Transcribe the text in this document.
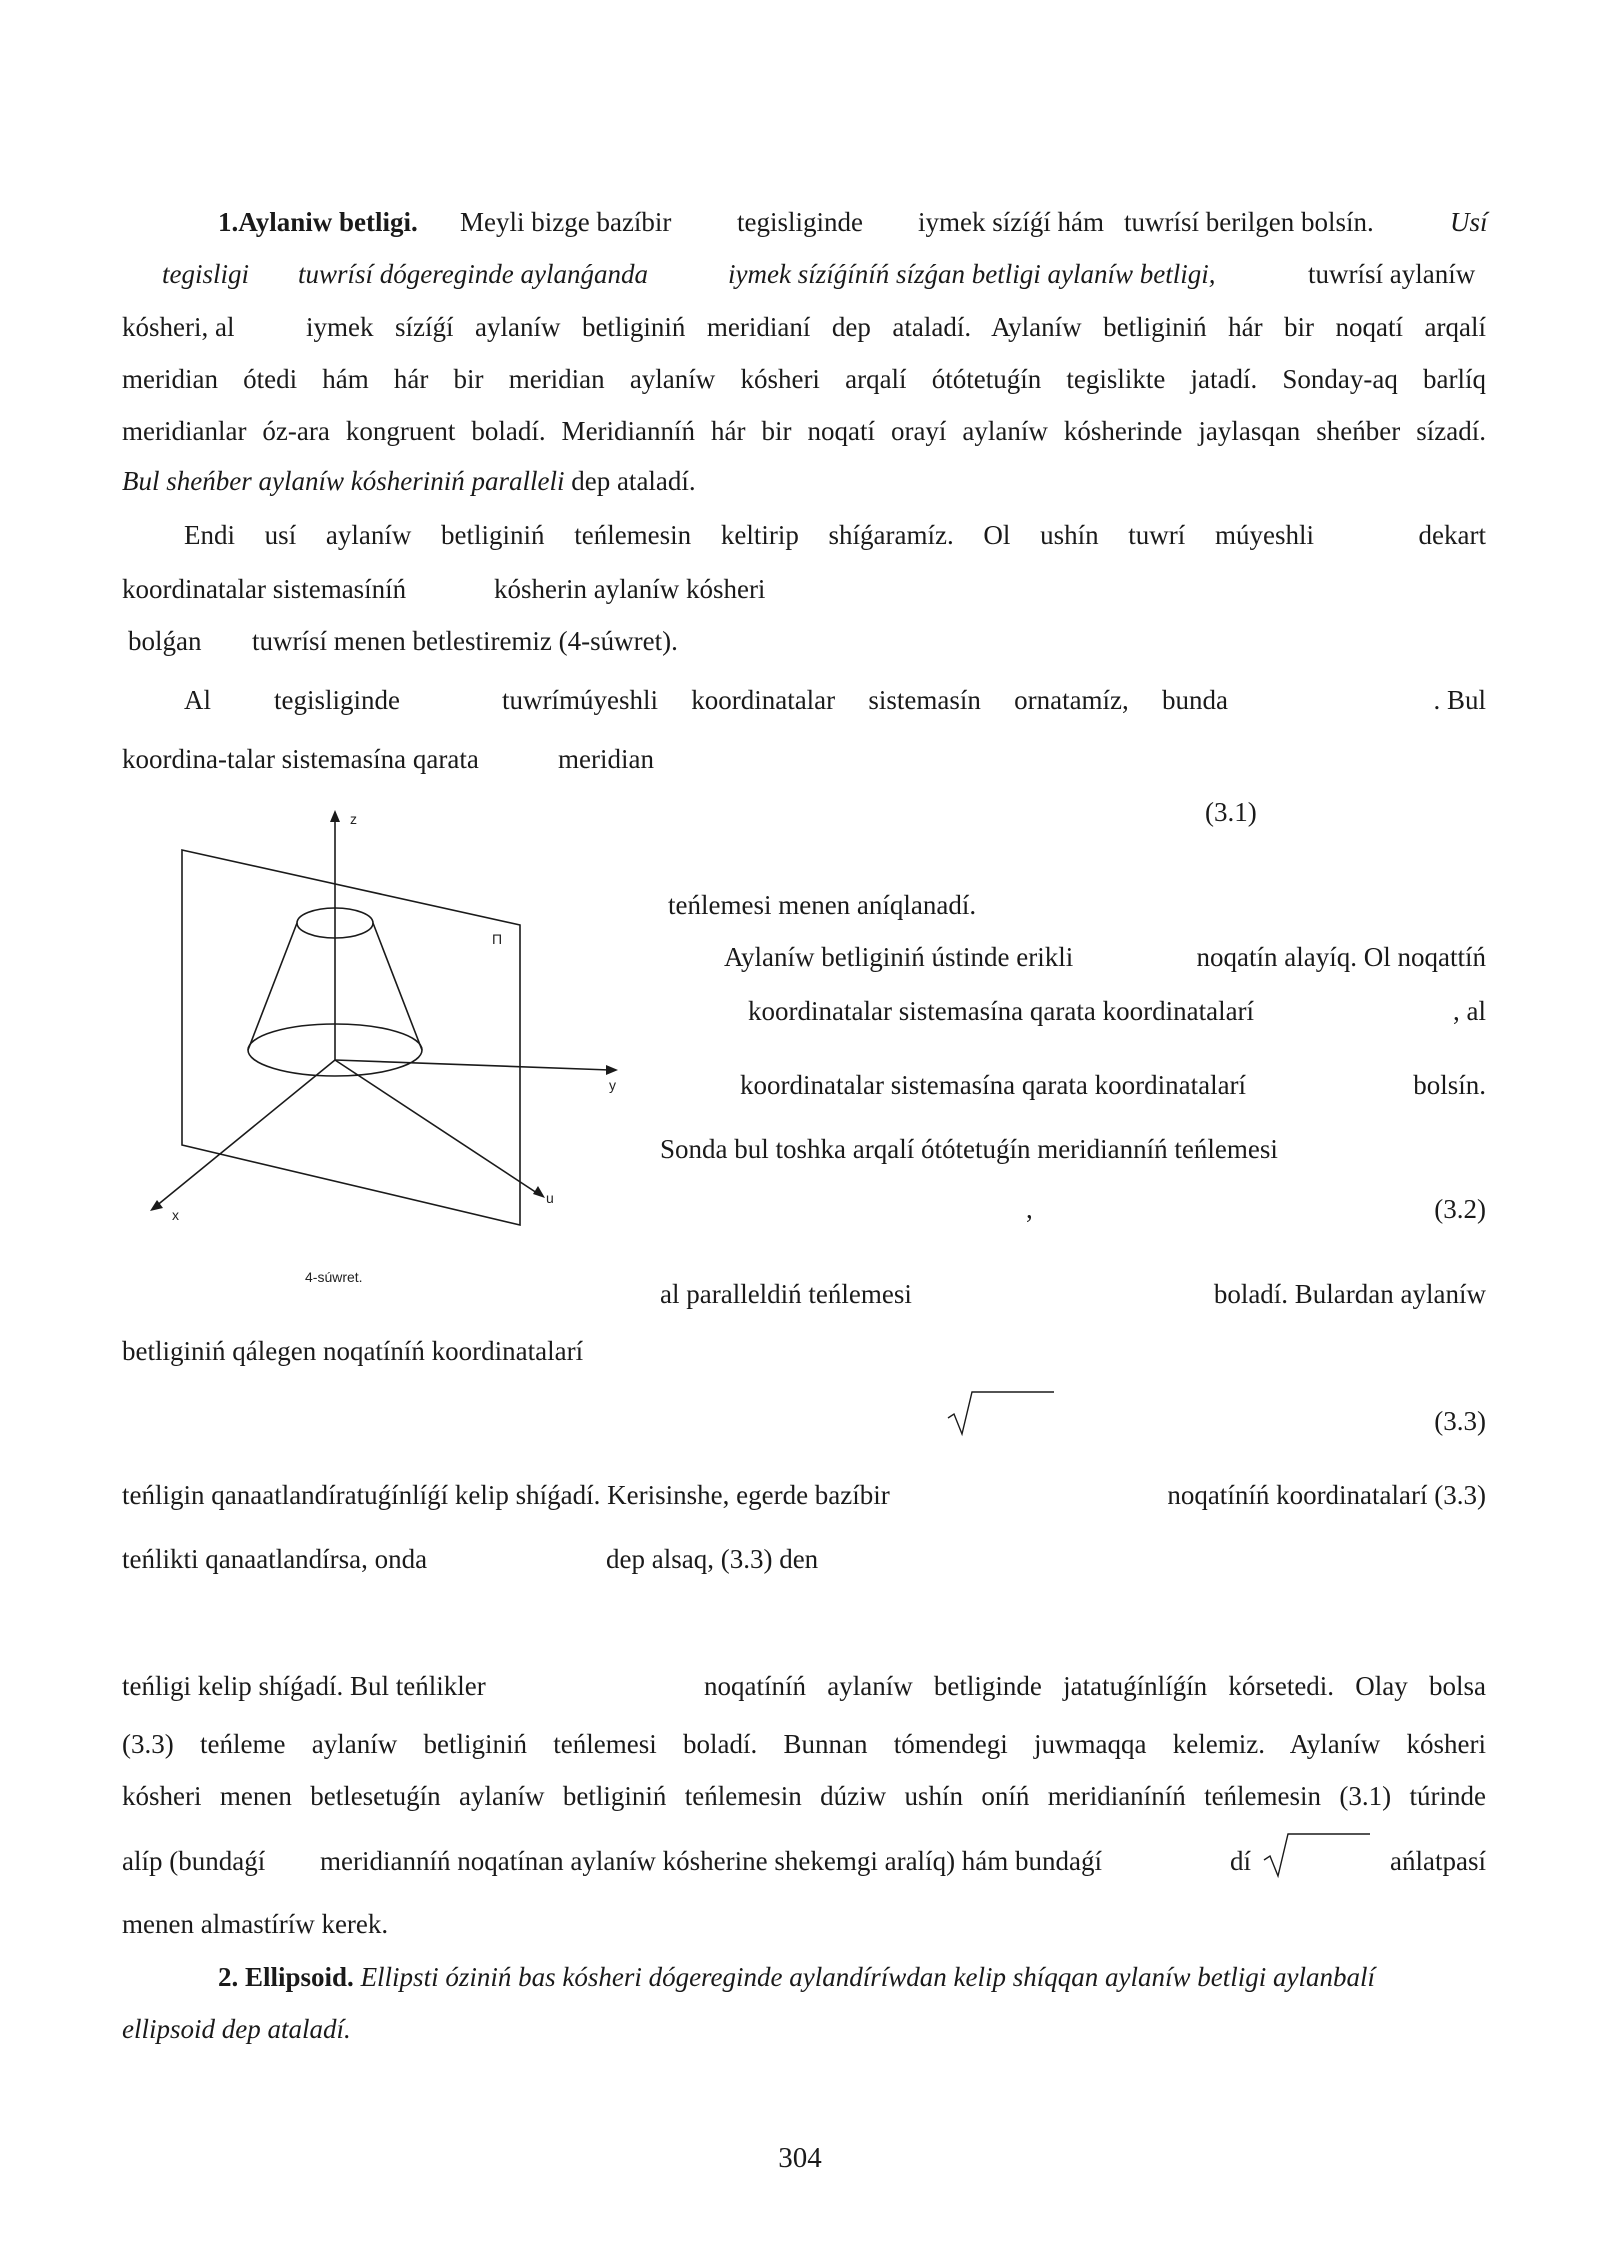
1.Aylaniw betligi. Meyli bizge bazíbir tegisliginde iymek sízíǵí hám tuwrísí berilgen bolsín.	Usí
tegisligi tuwrísí dógereginde aylanǵanda	iymek sízíǵíníń sízǵan betligi aylaníw betligi,	tuwrísí aylaníw
kósheri, al	iymek sízíǵí aylaníw betliginiń meridianí dep ataladí. Aylaníw betliginiń hár bir noqatí arqalí
meridian ótedi hám hár bir meridian aylaníw kósheri arqalí ótótetuǵín tegislikte jatadí. Sonday-aq barlíq
meridianlar óz-ara kongruent boladí. Meridianníń hár bir noqatí orayí aylaníw kósherinde jaylasqan sheńber sízadí.
Bul sheńber aylaníw kósheriniń paralleli dep ataladí.
Endi usí aylaníw betliginiń teńlemesin keltirip shíǵaramíz. Ol ushín tuwrí múyeshli	dekart
koordinatalar sistemasíníń	kósherin aylaníw kósheri
bolǵan tuwrísí menen betlestiremiz (4-súwret).
Al tegisliginde	tuwrímúyeshli koordinatalar sistemasín ornatamíz, bunda	. Bul
koordina-talar sistemasína qarata	meridian
(3.1)
z
Π
y
u
x
4-súwret.
teńlemesi menen aníqlanadí.
Aylaníw betliginiń ústinde erikli	noqatín alayíq. Ol noqattíń
koordinatalar sistemasína qarata koordinatalarí	, al
koordinatalar sistemasína qarata koordinatalarí	bolsín.
Sonda bul toshka arqalí ótótetuǵín meridianníń teńlemesi
,	(3.2)
al paralleldiń teńlemesi	boladí. Bulardan aylaníw
betliginiń qálegen noqatíníń koordinatalarí
(3.3)
teńligin qanaatlandíratuǵínlíǵí kelip shíǵadí. Kerisinshe, egerde bazíbir	noqatíníń koordinatalarí (3.3)
teńlikti qanaatlandírsa, onda	dep alsaq, (3.3) den
teńligi kelip shíǵadí. Bul teńlikler	noqatíníń aylaníw betliginde jatatuǵínlíǵín kórsetedi. Olay bolsa
(3.3) teńleme aylaníw betliginiń teńlemesi boladí. Bunnan tómendegi juwmaqqa kelemiz. Aylaníw kósheri
kósheri menen betlesetuǵín aylaníw betliginiń teńlemesin dúziw ushín oníń meridianíníń teńlemesin (3.1) túrinde
alíp (bundaǵí meridianníń noqatínan aylaníw kósherine shekemgi aralíq) hám bundaǵí	dí	ańlatpasí
menen almastíríw kerek.
2. Ellipsoid. Ellipsti óziniń bas kósheri dógereginde aylandíríwdan kelip shíqqan aylaníw betligi aylanbalí
ellipsoid dep ataladí.
304
